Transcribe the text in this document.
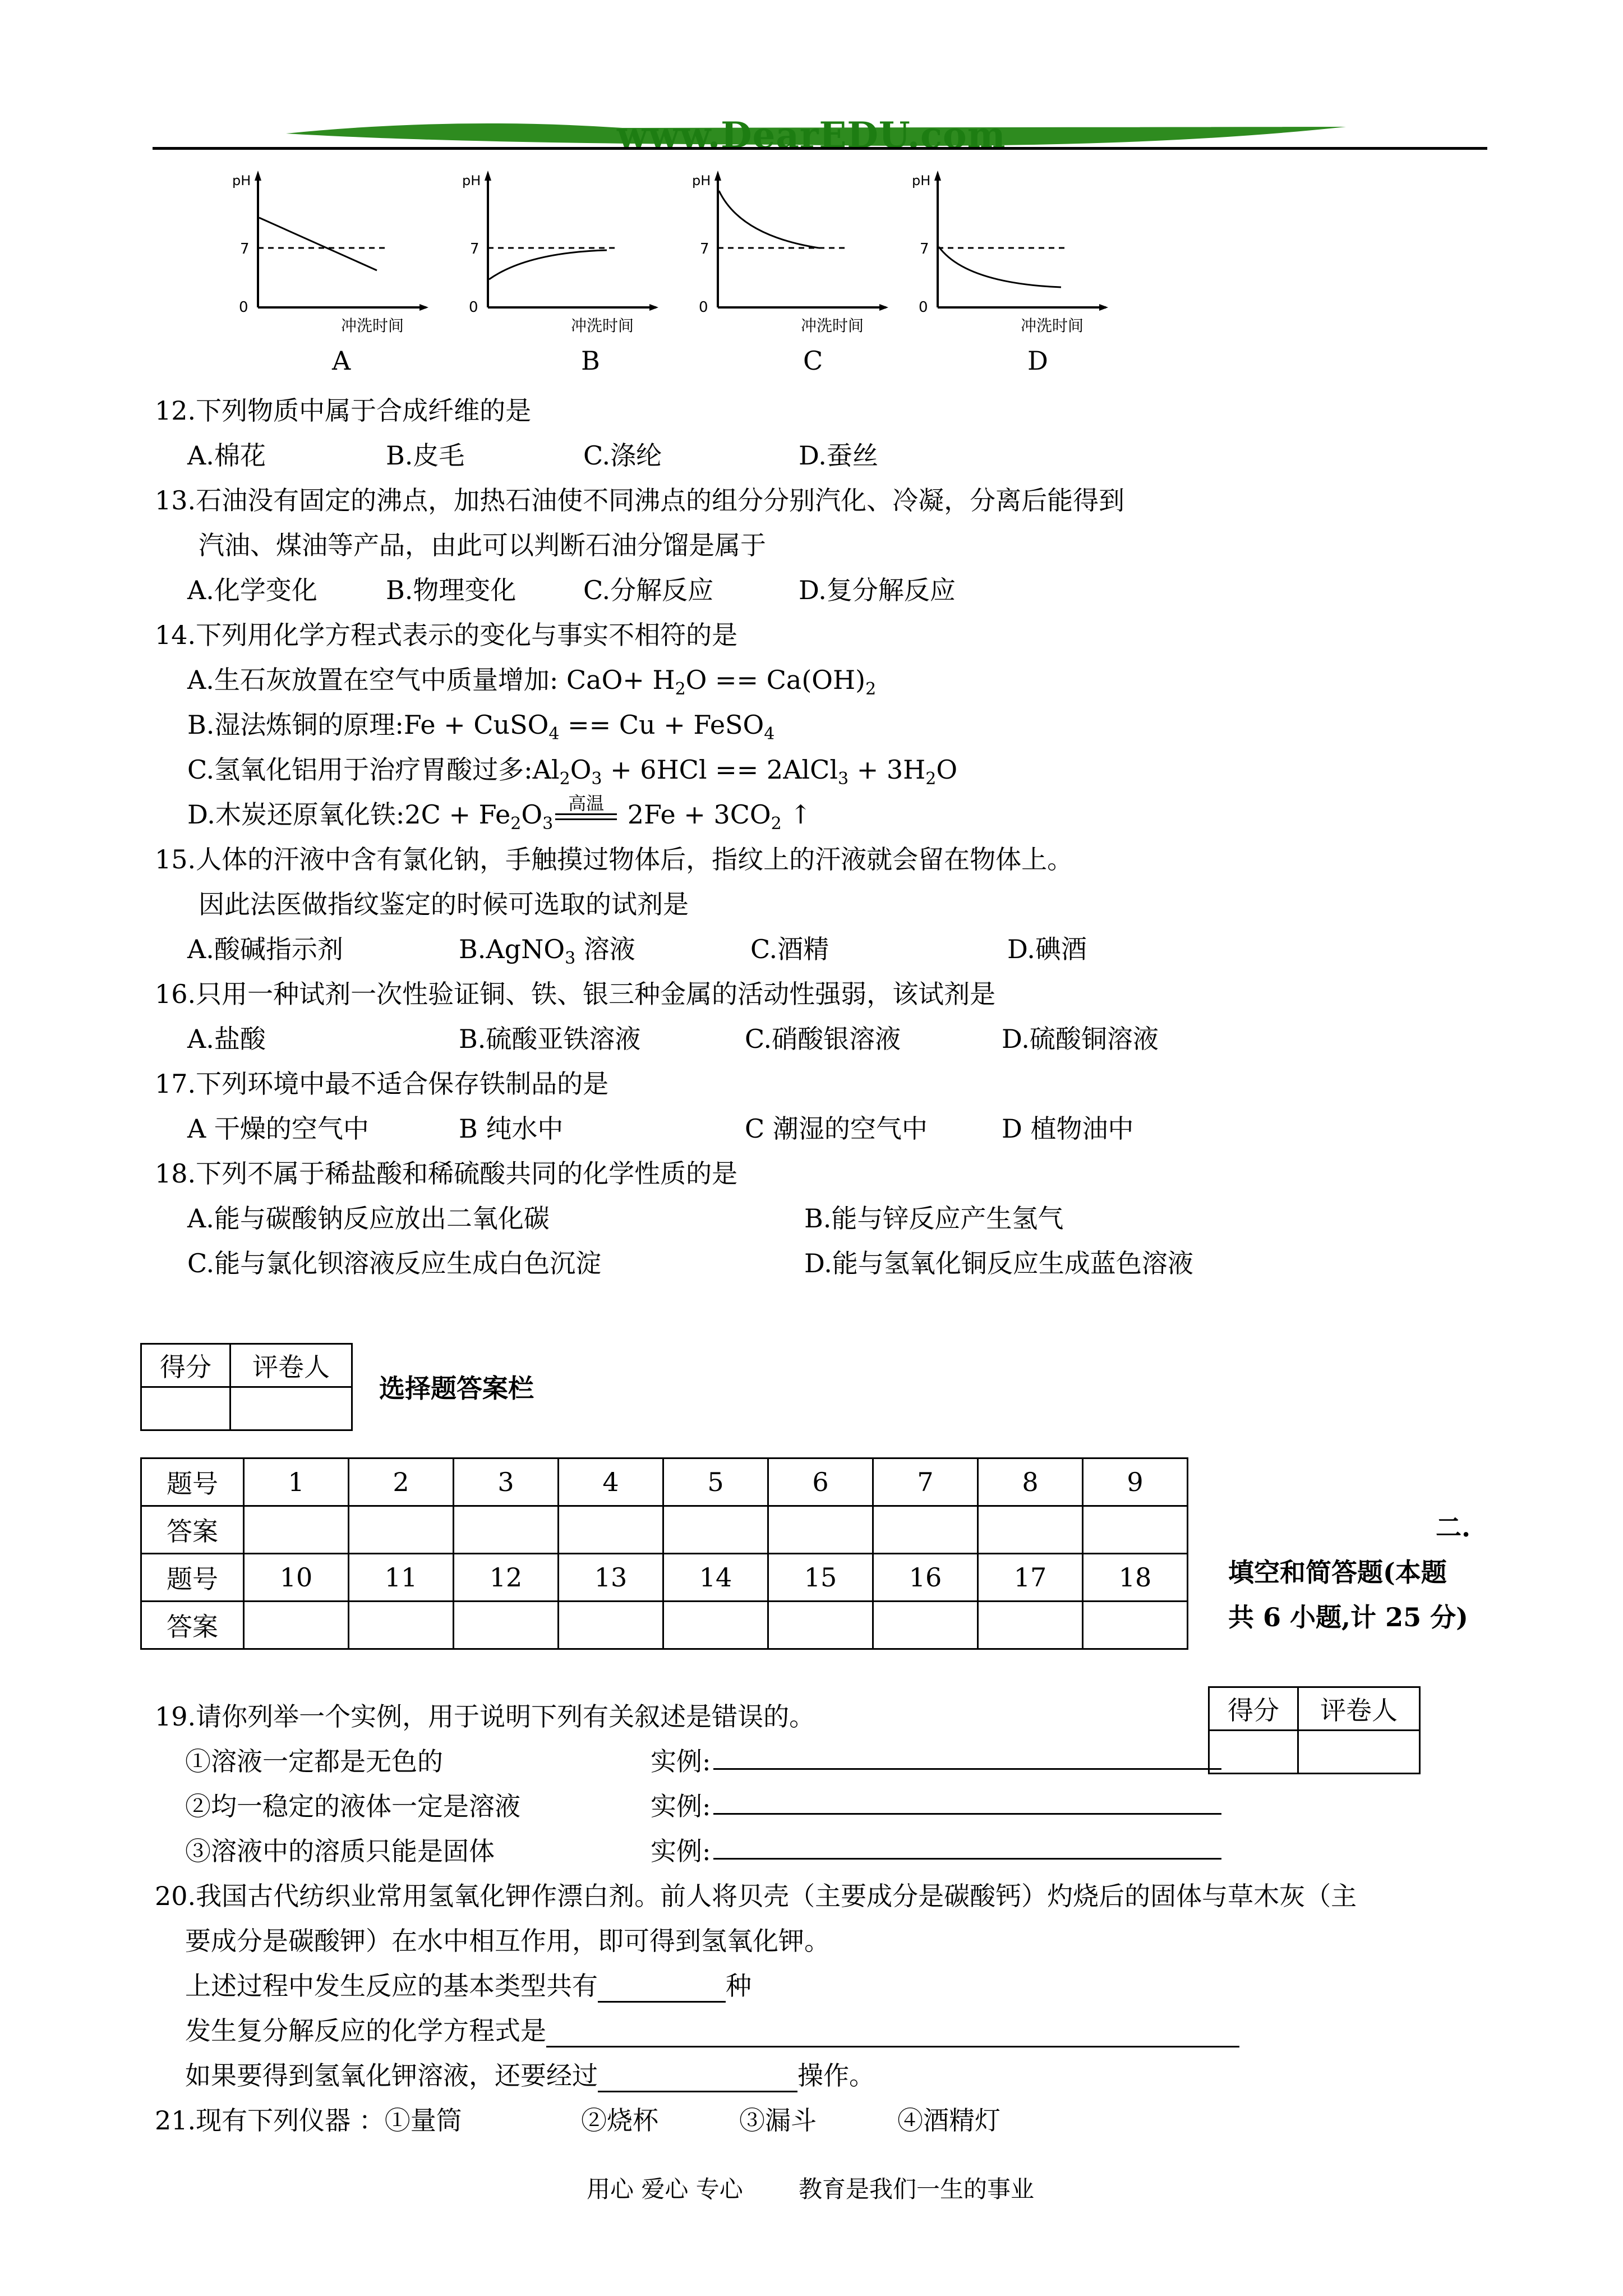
www.DearEDU.com
pH
7
0
冲洗时间
pH
7
0
冲洗时间
pH
7
0
冲洗时间
pH
7
0
冲洗时间
A	B	C	D
12.下列物质中属于合成纤维的是
A.棉花	B.皮毛	C.涤纶	D.蚕丝
13.石油没有固定的沸点，加热石油使不同沸点的组分分别汽化、冷凝，分离后能得到
汽油、煤油等产品，由此可以判断石油分馏是属于
A.化学变化	B.物理变化	C.分解反应	D.复分解反应
14.下列用化学方程式表示的变化与事实不相符的是
A.生石灰放置在空气中质量增加: $CaO+ H_2O == Ca(OH)_2$
B.湿法炼铜的原理:Fe + CuSO$_4$ == Cu + FeSO$_4$
C.氢氧化铝用于治疗胃酸过多$:Al_2O_3 + 6HCl$ == 2AlCl$_3$ + $3H_2O$
D.木炭还原氧化铁:2C + $Fe_2O_3$
高温 $2Fe + 3CO_2$ ↑
15.人体的汗液中含有氯化钠，手触摸过物体后，指纹上的汗液就会留在物体上。
因此法医做指纹鉴定的时候可选取的试剂是
A.酸碱指示剂	B.AgNO$_3$ 溶液	C.酒精	D.碘酒
16.只用一种试剂一次性验证铜、铁、银三种金属的活动性强弱，该试剂是
A.盐酸	B.硫酸亚铁溶液	C.硝酸银溶液	D.硫酸铜溶液
17.下列环境中最不适合保存铁制品的是
A 干燥的空气中	B 纯水中	C 潮湿的空气中	D 植物油中
18.下列不属于稀盐酸和稀硫酸共同的化学性质的是
A.能与碳酸钠反应放出二氧化碳	B.能与锌反应产生氢气
C.能与氯化钡溶液反应生成白色沉淀	D.能与氢氧化铜反应生成蓝色溶液
得分	评卷人

选择题答案栏
题号	1	2	3	4	5	6	7	8	9
答案									
题号	10	11	12	13	14	15	16	17	18
答案									
二.
填空和简答题(本题
共 6 小题,计 25 分)
得分	评卷人

19.请你列举一个实例，用于说明下列有关叙述是错误的。
①溶液一定都是无色的	实例:
②均一稳定的液体一定是溶液	实例:
③溶液中的溶质只能是固体	实例:
20.我国古代纺织业常用氢氧化钾作漂白剂。前人将贝壳（主要成分是碳酸钙）灼烧后的固体与草木灰（主
要成分是碳酸钾）在水中相互作用，即可得到氢氧化钾。
上述过程中发生反应的基本类型共有	种
发生复分解反应的化学方程式是
如果要得到氢氧化钾溶液，还要经过	操作。
21.现有下列仪器 ：①量筒	②烧杯	③漏斗	④酒精灯
用心 爱心 专心 教育是我们一生的事业
